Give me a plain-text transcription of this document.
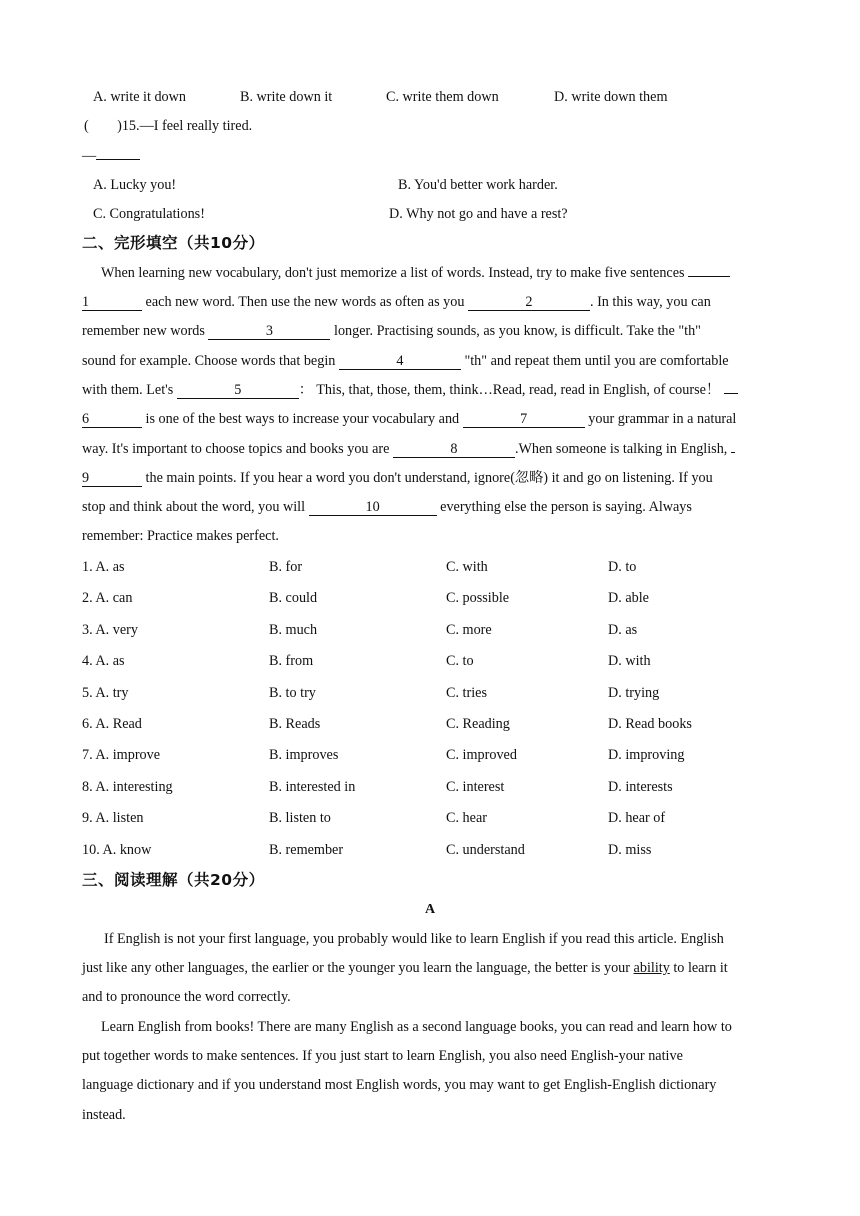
A. write it down	B. write down it	C. write them down	D. write down them
(　　)15.—I feel really tired.
—
A. Lucky you!	B. You'd better work harder.
C. Congratulations!	D. Why not go and have a rest?
二、完形填空（共10分）
When learning new vocabulary, don't just memorize a list of words. Instead, try to make five sentences
1	each new word. Then use the new words as often as you	2	. In this way, you can
remember new words	3	longer. Practising sounds, as you know, is difficult. Take the "th"
sound for example. Choose words that begin	4	"th" and repeat them until you are comfortable
with them. Let's	5	： This, that, those, them, think…Read, read, read in English, of course！
6	is one of the best ways to increase your vocabulary and	7	your grammar in a natural
way. It's important to choose topics and books you are	8	.When someone is talking in English,
9	the main points. If you hear a word you don't understand, ignore(忽略) it and go on listening. If you
stop and think about the word, you will	10	everything else the person is saying. Always
remember: Practice makes perfect.
1. A. as	B. for	C. with	D. to
2. A. can	B. could	C. possible	D. able
3. A. very	B. much	C. more	D. as
4. A. as	B. from	C. to	D. with
5. A. try	B. to try	C. tries	D. trying
6. A. Read	B. Reads	C. Reading	D. Read books
7. A. improve	B. improves	C. improved	D. improving
8. A. interesting	B. interested in	C. interest	D. interests
9. A. listen	B. listen to	C. hear	D. hear of
10. A. know	B. remember	C. understand	D. miss
三、阅读理解（共20分）
A
If English is not your first language, you probably would like to learn English if you read this article. English
just like any other languages, the earlier or the younger you learn the language, the better is your ability to learn it
and to pronounce the word correctly.
Learn English from books! There are many English as a second language books, you can read and learn how to
put together words to make sentences. If you just start to learn English, you also need English-your native
language dictionary and if you understand most English words, you may want to get English-English dictionary
instead.
